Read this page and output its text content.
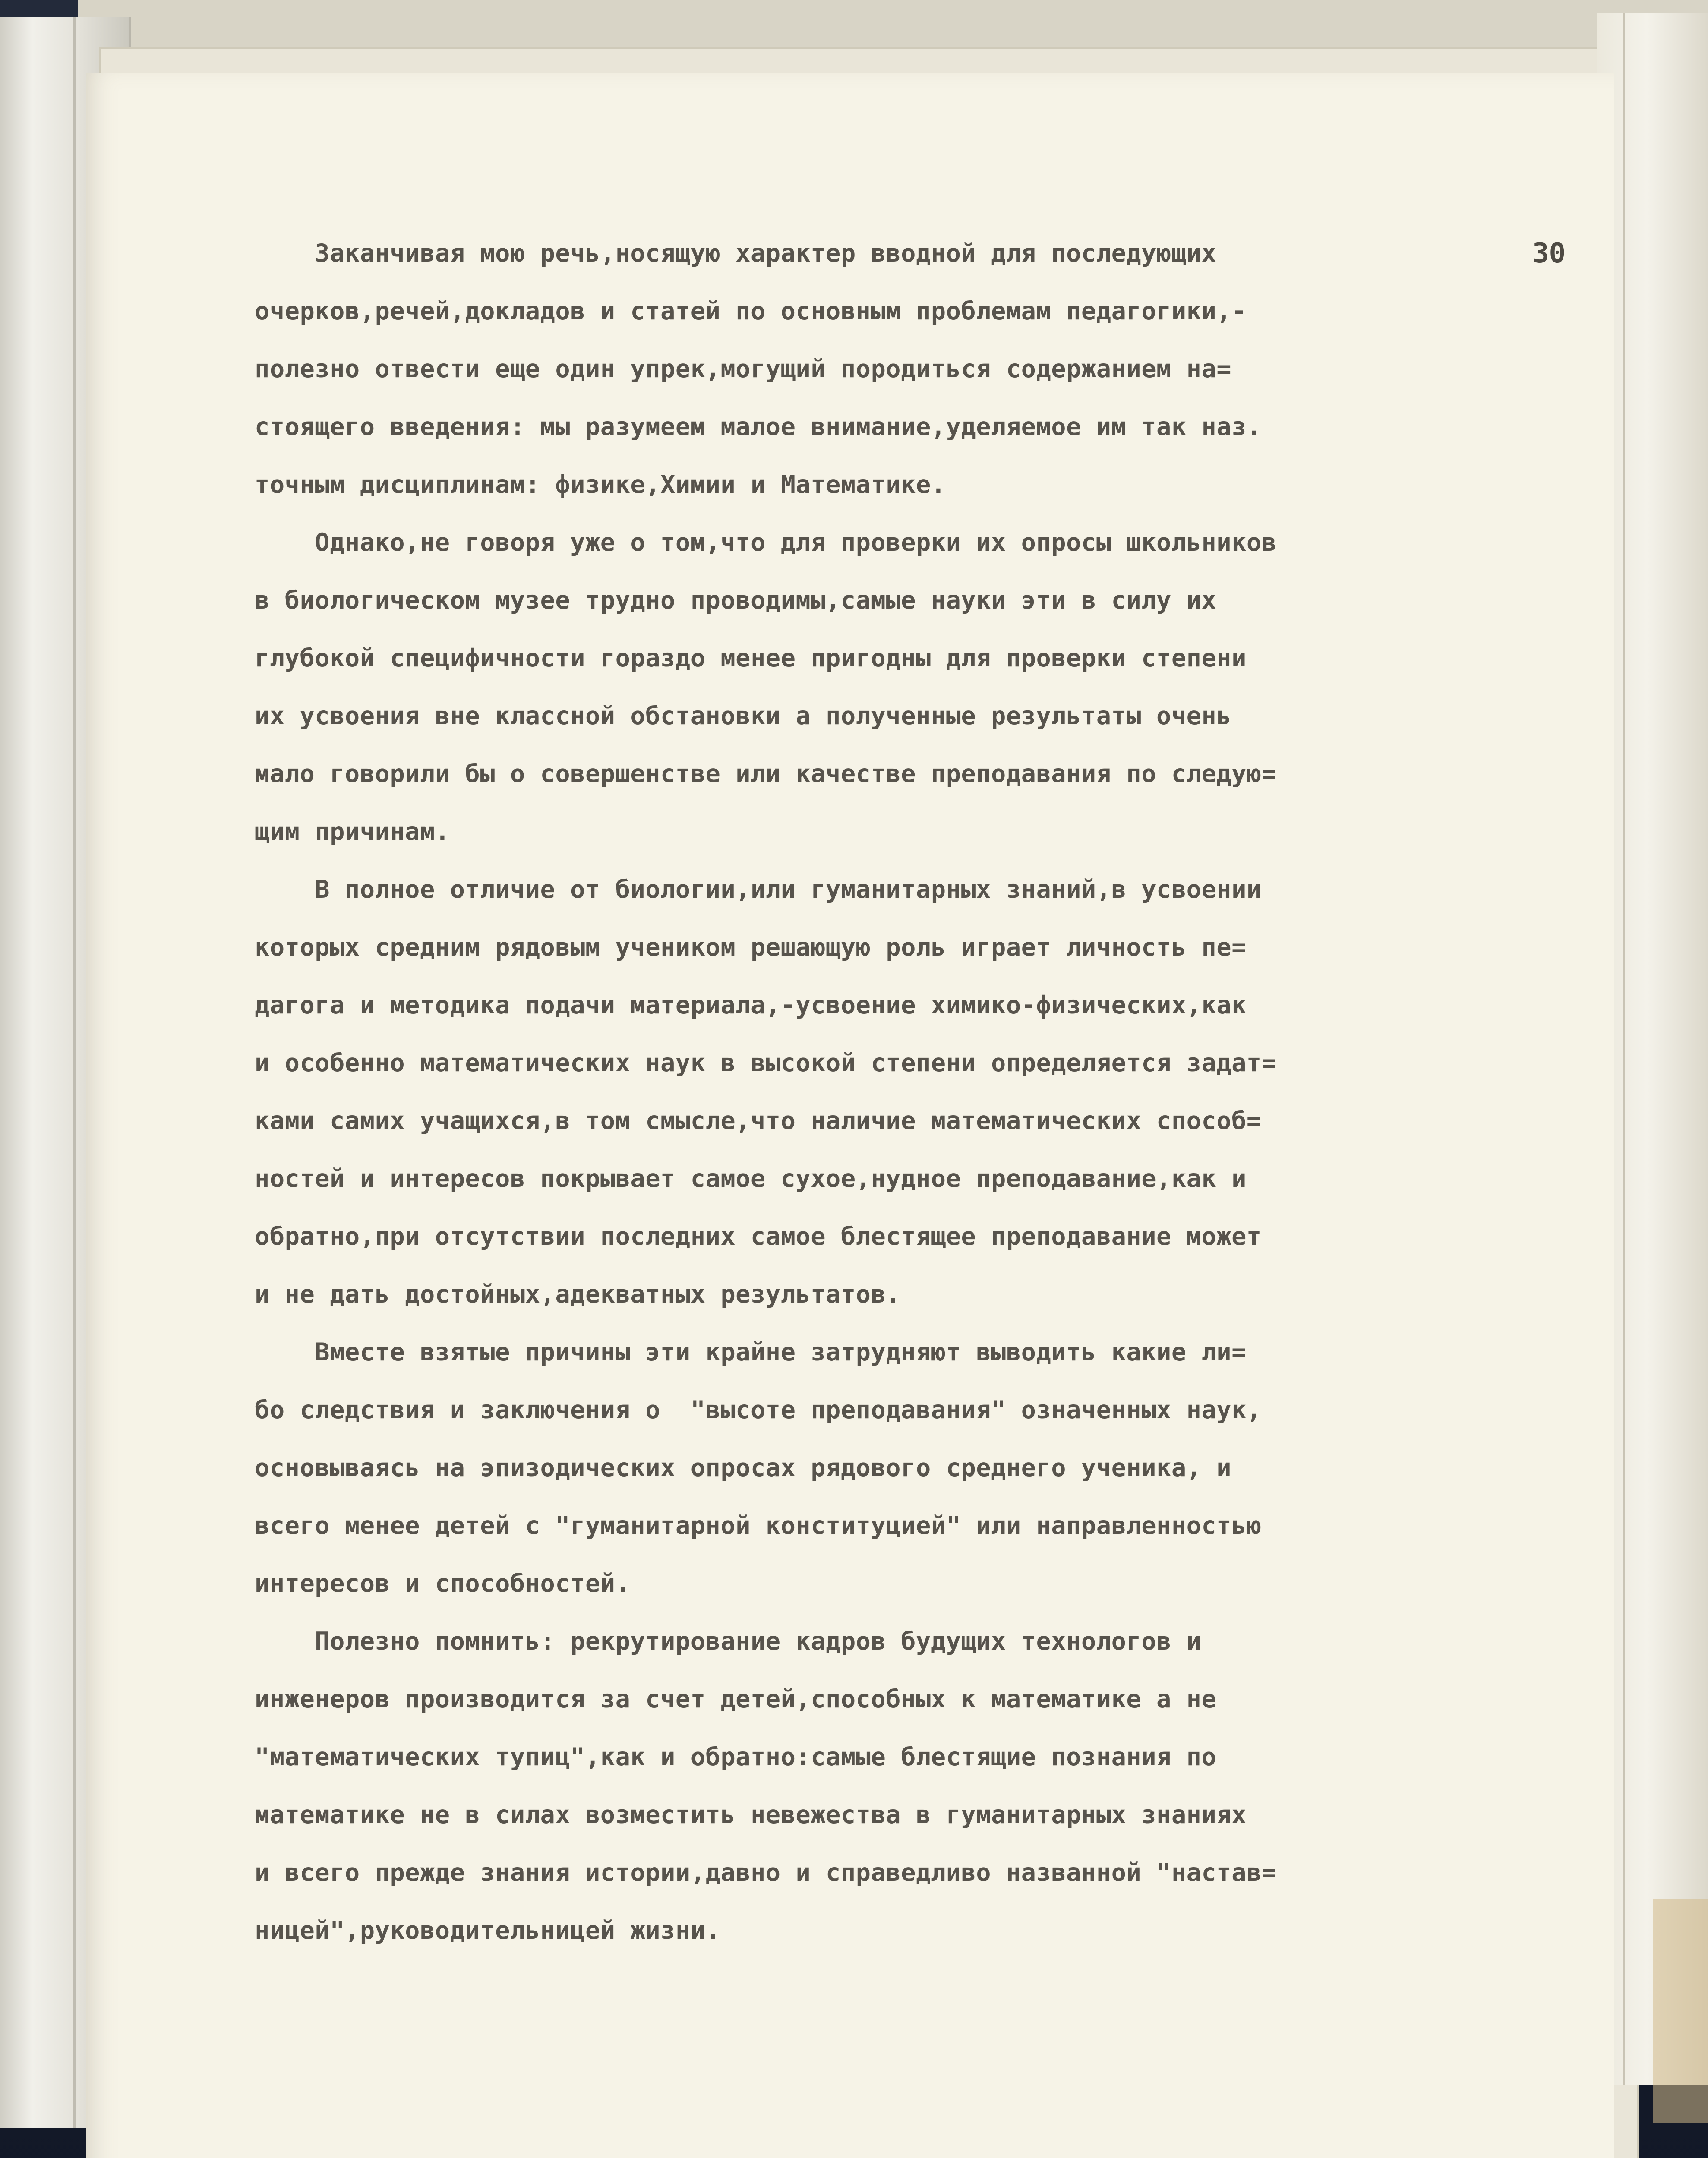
30
Заканчивая мою речь,носящую характер вводной для последующих
очерков,речей,докладов и статей по основным проблемам педагогики,-
полезно отвести еще один упрек,могущий породиться содержанием на=
стоящего введения: мы разумеем малое внимание,уделяемое им так наз.
точным дисциплинам: физике,Химии и Математике.
Однако,не говоря уже о том,что для проверки их опросы школьников
в биологическом музее трудно проводимы,самые науки эти в силу их
глубокой специфичности гораздо менее пригодны для проверки степени
их усвоения вне классной обстановки а полученные результаты очень
мало говорили бы о совершенстве или качестве преподавания по следую=
щим причинам.
В полное отличие от биологии,или гуманитарных знаний,в усвоении
которых средним рядовым учеником решающую роль играет личность пе=
дагога и методика подачи материала,-усвоение химико-физических,как
и особенно математических наук в высокой степени определяется задат=
ками самих учащихся,в том смысле,что наличие математических способ=
ностей и интересов покрывает самое сухое,нудное преподавание,как и
обратно,при отсутствии последних самое блестящее преподавание может
и не дать достойных,адекватных результатов.
Вместе взятые причины эти крайне затрудняют выводить какие ли=
бо следствия и заключения о  "высоте преподавания" означенных наук,
основываясь на эпизодических опросах рядового среднего ученика, и
всего менее детей с "гуманитарной конституцией" или направленностью
интересов и способностей.
Полезно помнить: рекрутирование кадров будущих технологов и
инженеров производится за счет детей,способных к математике а не
"математических тупиц",как и обратно:самые блестящие познания по
математике не в силах возместить невежества в гуманитарных знаниях
и всего прежде знания истории,давно и справедливо названной "настав=
ницей",руководительницей жизни.
